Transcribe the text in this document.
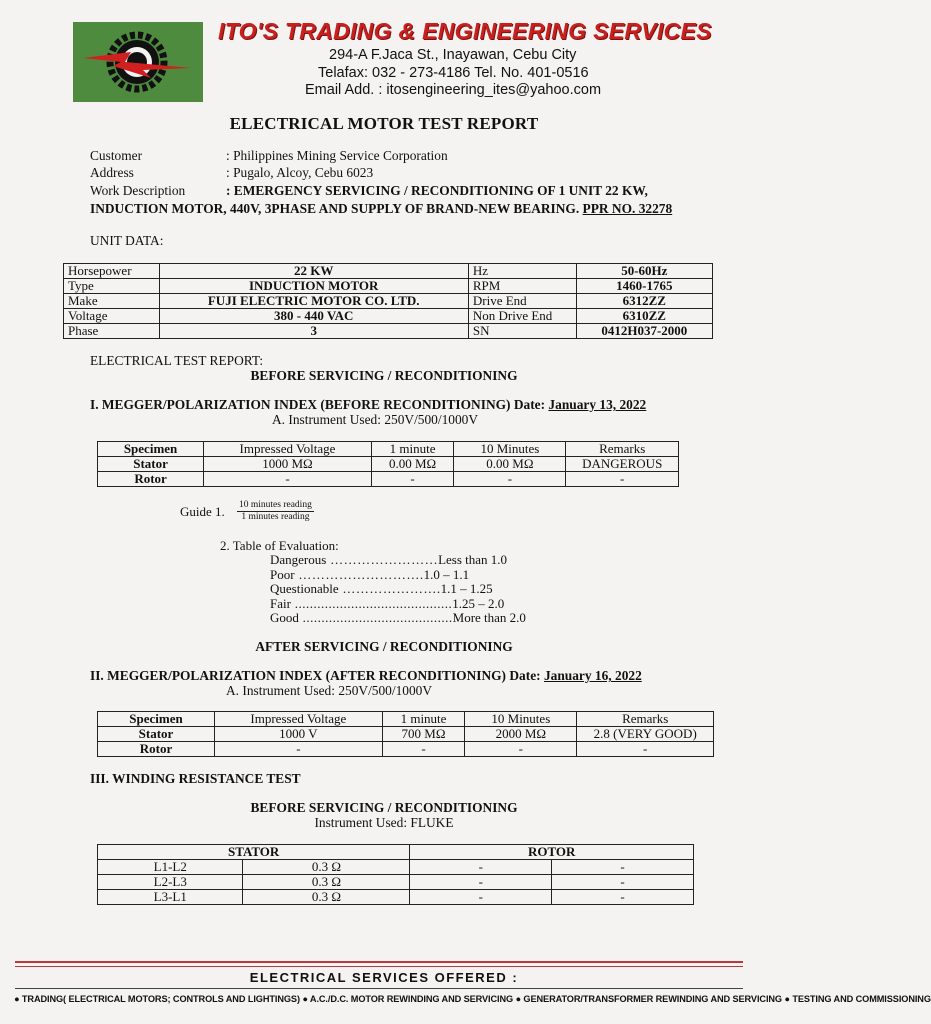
ITO'S TRADING & ENGINEERING SERVICES
294-A F.Jaca St., Inayawan, Cebu City
Telafax: 032 - 273-4186 Tel. No. 401-0516
Email Add. : itosengineering_ites@yahoo.com
ELECTRICAL MOTOR TEST REPORT
Customer	: Philippines Mining Service Corporation
Address	: Pugalo, Alcoy, Cebu 6023
Work Description	: EMERGENCY SERVICING / RECONDITIONING OF 1 UNIT 22 KW,
INDUCTION MOTOR, 440V, 3PHASE AND SUPPLY OF BRAND-NEW BEARING. PPR NO. 32278
UNIT DATA:
Horsepower	22 KW	Hz	50-60Hz
Type	INDUCTION MOTOR	RPM	1460-1765
Make	FUJI ELECTRIC MOTOR CO. LTD.	Drive End	6312ZZ
Voltage	380 - 440 VAC	Non Drive End	6310ZZ
Phase	3	SN	0412H037-2000
ELECTRICAL TEST REPORT:
BEFORE SERVICING / RECONDITIONING
I. MEGGER/POLARIZATION INDEX (BEFORE RECONDITIONING) Date: January 13, 2022
A. Instrument Used: 250V/500/1000V
Specimen	Impressed Voltage	1 minute	10 Minutes	Remarks
Stator	1000 MΩ	0.00 MΩ	0.00 MΩ	DANGEROUS
Rotor	-	-	-	-
Guide 1. 10 minutes reading
1 minutes reading
2. Table of Evaluation:
Dangerous ……………………Less than 1.0
Poor ……………………….1.0 – 1.1
Questionable ………………….1.1 – 1.25
Fair ..........................................1.25 – 2.0
Good ........................................More than 2.0
AFTER SERVICING / RECONDITIONING
II. MEGGER/POLARIZATION INDEX (AFTER RECONDITIONING) Date: January 16, 2022
A. Instrument Used: 250V/500/1000V
Specimen	Impressed Voltage	1 minute	10 Minutes	Remarks
Stator	1000 V	700 MΩ	2000 MΩ	2.8 (VERY GOOD)
Rotor	-	-	-	-
III. WINDING RESISTANCE TEST
BEFORE SERVICING / RECONDITIONING
Instrument Used: FLUKE
STATOR		ROTOR	
L1-L2	0.3 Ω	-	-
L2-L3	0.3 Ω	-	-
L3-L1	0.3 Ω	-	-
ELECTRICAL SERVICES OFFERED :
● TRADING( ELECTRICAL MOTORS; CONTROLS AND LIGHTINGS) ● A.C./D.C. MOTOR REWINDING AND SERVICING ● GENERATOR/TRANSFORMER REWINDING AND SERVICING ● TESTING AND COMMISSIONING
